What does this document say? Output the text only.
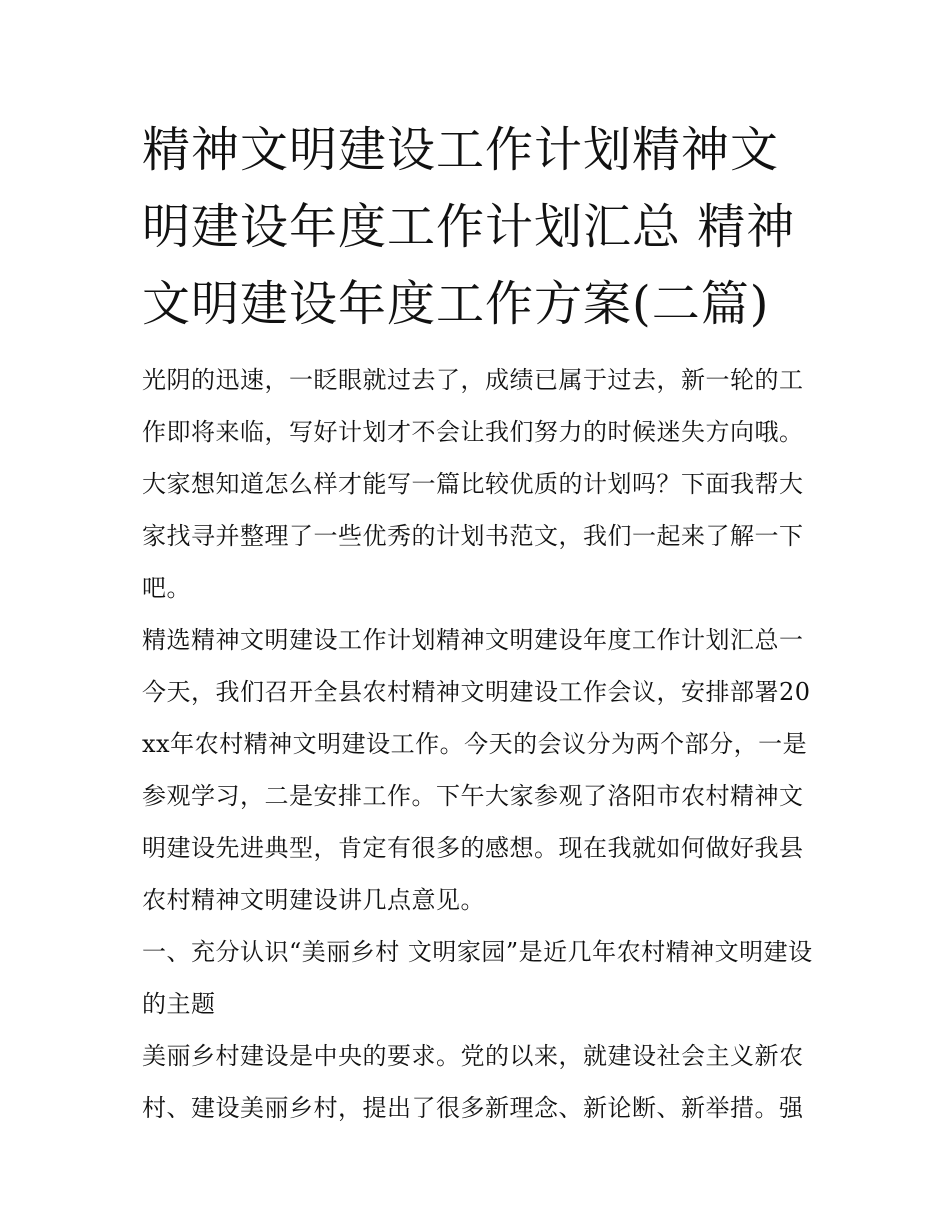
精神文明建设工作计划精神文明建设年度工作计划汇总 精神文明建设年度工作方案(二篇)

光阴的迅速，一眨眼就过去了，成绩已属于过去，新一轮的工作即将来临，写好计划才不会让我们努力的时候迷失方向哦。大家想知道怎么样才能写一篇比较优质的计划吗？下面我帮大家找寻并整理了一些优秀的计划书范文，我们一起来了解一下吧。

精选精神文明建设工作计划精神文明建设年度工作计划汇总一

今天，我们召开全县农村精神文明建设工作会议，安排部署20xx年农村精神文明建设工作。今天的会议分为两个部分，一是参观学习，二是安排工作。下午大家参观了洛阳市农村精神文明建设先进典型，肯定有很多的感想。现在我就如何做好我县农村精神文明建设讲几点意见。

一、充分认识“美丽乡村 文明家园”是近几年农村精神文明建设的主题

美丽乡村建设是中央的要求。党的以来，就建设社会主义新农村、建设美丽乡村，提出了很多新理念、新论断、新举措。强
